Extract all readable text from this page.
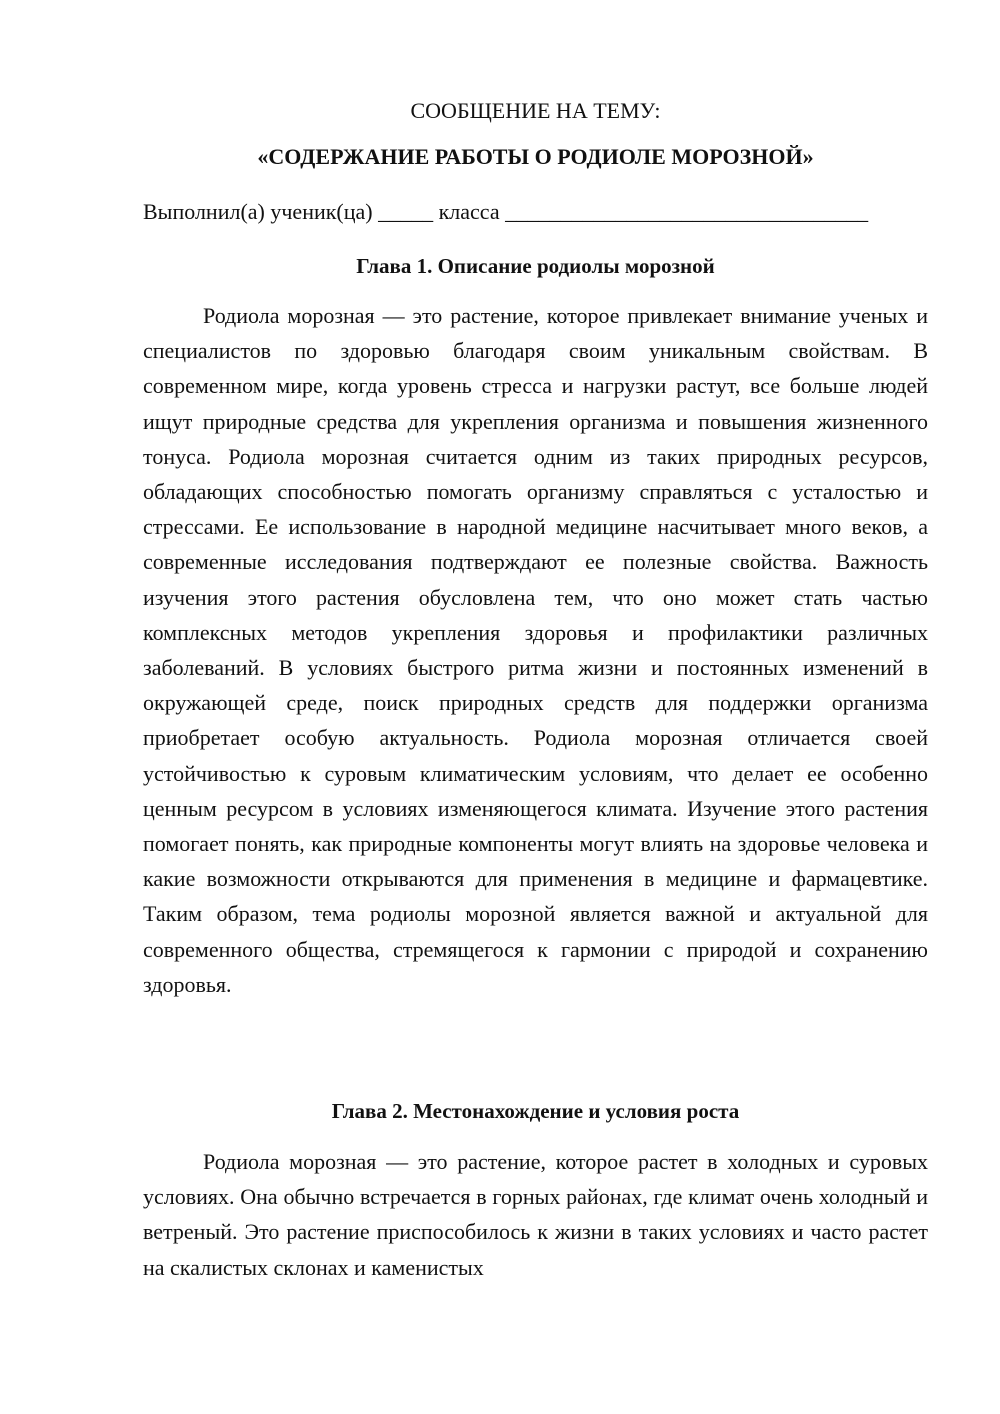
СООБЩЕНИЕ НА ТЕМУ:
«СОДЕРЖАНИЕ РАБОТЫ О РОДИОЛЕ МОРОЗНОЙ»
Выполнил(а) ученик(ца) _____ класса _________________________________
Глава 1. Описание родиолы морозной

Родиола морозная — это растение, которое привлекает внимание ученых и специалистов по здоровью благодаря своим уникальным свойствам. В современном мире, когда уровень стресса и нагрузки растут, все больше людей ищут природные средства для укрепления организма и повышения жизненного тонуса. Родиола морозная считается одним из таких природных ресурсов, обладающих способностью помогать организму справляться с усталостью и стрессами. Ее использование в народной медицине насчитывает много веков, а современные исследования подтверждают ее полезные свойства. Важность изучения этого растения обусловлена тем, что оно может стать частью комплексных методов укрепления здоровья и профилактики различных заболеваний. В условиях быстрого ритма жизни и постоянных изменений в окружающей среде, поиск природных средств для поддержки организма приобретает особую актуальность. Родиола морозная отличается своей устойчивостью к суровым климатическим условиям, что делает ее особенно ценным ресурсом в условиях изменяющегося климата. Изучение этого растения помогает понять, как природные компоненты могут влиять на здоровье человека и какие возможности открываются для применения в медицине и фармацевтике. Таким образом, тема родиолы морозной является важной и актуальной для современного общества, стремящегося к гармонии с природой и сохранению здоровья.

Глава 2. Местонахождение и условия роста

Родиола морозная — это растение, которое растет в холодных и суровых условиях. Она обычно встречается в горных районах, где климат очень холодный и ветреный. Это растение приспособилось к жизни в таких условиях и часто растет на скалистых склонах и каменистых
